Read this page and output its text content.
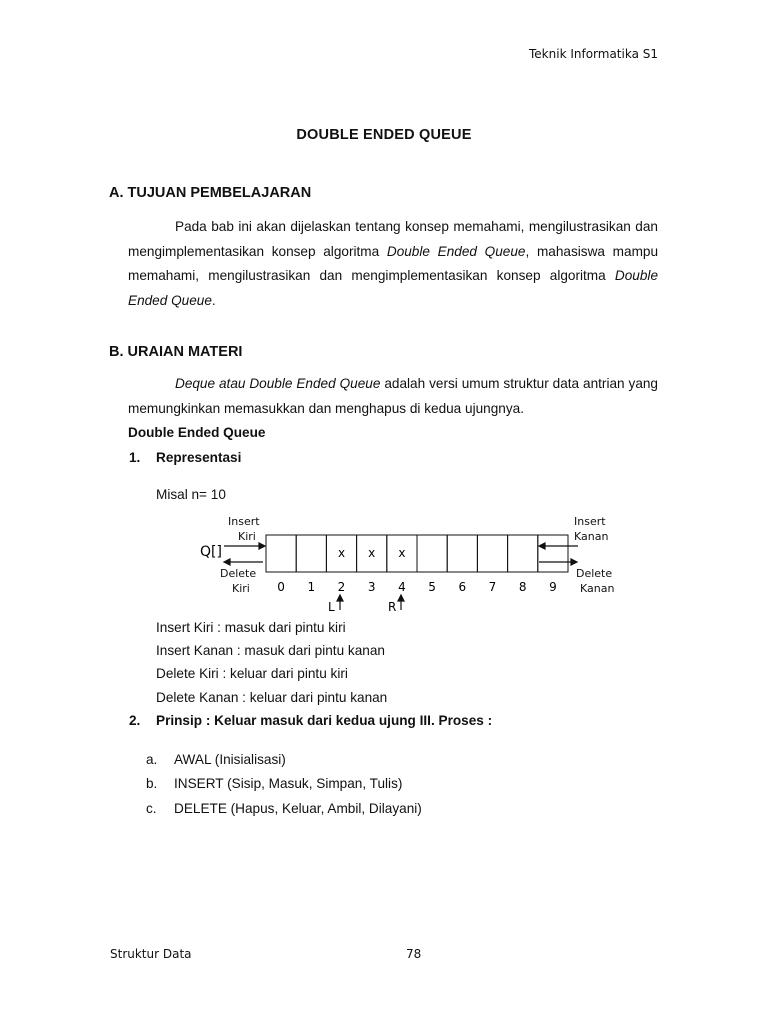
Teknik Informatika S1
DOUBLE ENDED QUEUE
A. TUJUAN PEMBELAJARAN
Pada bab ini akan dijelaskan tentang konsep memahami, mengilustrasikan dan mengimplementasikan konsep algoritma Double Ended Queue, mahasiswa mampu memahami, mengilustrasikan dan mengimplementasikan konsep algoritma Double Ended Queue.
B. URAIAN MATERI
Deque atau Double Ended Queue adalah versi umum struktur data antrian yang memungkinkan memasukkan dan menghapus di kedua ujungnya.
Double Ended Queue
1. Representasi
Misal n= 10
Insert
Kiri
Delete
Kiri
Insert
Kanan
Delete
Kanan
Q[]
0 1
x
2
x
3
x
4 5 6 7 8 9
L	R
Insert Kiri : masuk dari pintu kiri
Insert Kanan : masuk dari pintu kanan
Delete Kiri : keluar dari pintu kiri
Delete Kanan : keluar dari pintu kanan
2. Prinsip : Keluar masuk dari kedua ujung III. Proses :
a. AWAL (Inisialisasi)
b. INSERT (Sisip, Masuk, Simpan, Tulis)
c. DELETE (Hapus, Keluar, Ambil, Dilayani)
Struktur Data	78
